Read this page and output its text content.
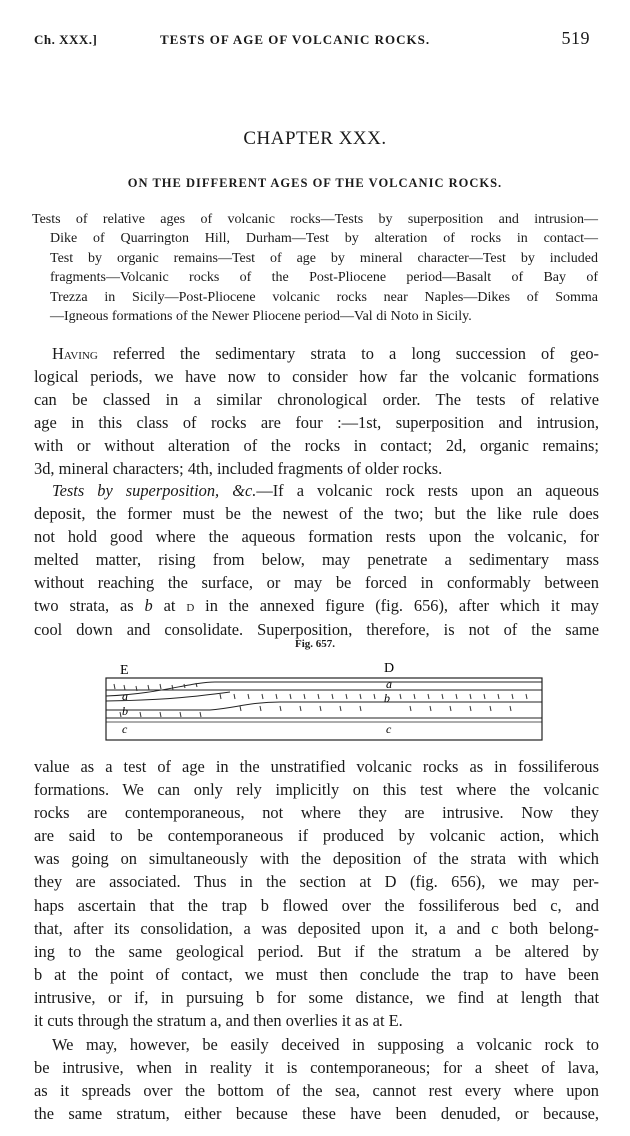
Ch. XXX.]	TESTS OF AGE OF VOLCANIC ROCKS.	519
CHAPTER XXX.
ON THE DIFFERENT AGES OF THE VOLCANIC ROCKS.
Tests of relative ages of volcanic rocks—Tests by superposition and intrusion—
Dike of Quarrington Hill, Durham—Test by alteration of rocks in contact—
Test by organic remains—Test of age by mineral character—Test by included
fragments—Volcanic rocks of the Post-Pliocene period—Basalt of Bay of
Trezza in Sicily—Post-Pliocene volcanic rocks near Naples—Dikes of Somma
—Igneous formations of the Newer Pliocene period—Val di Noto in Sicily.
Having referred the sedimentary strata to a long succession of geo-
logical periods, we have now to consider how far the volcanic formations
can be classed in a similar chronological order. The tests of relative
age in this class of rocks are four :—1st, superposition and intrusion,
with or without alteration of the rocks in contact; 2d, organic remains;
3d, mineral characters; 4th, included fragments of older rocks.
Tests by superposition, &c.—If a volcanic rock rests upon an aqueous
deposit, the former must be the newest of the two; but the like rule does
not hold good where the aqueous formation rests upon the volcanic, for
melted matter, rising from below, may penetrate a sedimentary mass
without reaching the surface, or may be forced in conformably between
two strata, as b at d in the annexed figure (fig. 656), after which it may
cool down and consolidate. Superposition, therefore, is not of the same
Fig. 657.
E	D
a
a
b
b
c	c
value as a test of age in the unstratified volcanic rocks as in fossiliferous
formations. We can only rely implicitly on this test where the volcanic
rocks are contemporaneous, not where they are intrusive. Now they
are said to be contemporaneous if produced by volcanic action, which
was going on simultaneously with the deposition of the strata with which
they are associated. Thus in the section at D (fig. 656), we may per-
haps ascertain that the trap b flowed over the fossiliferous bed c, and
that, after its consolidation, a was deposited upon it, a and c both belong-
ing to the same geological period. But if the stratum a be altered by
b at the point of contact, we must then conclude the trap to have been
intrusive, or if, in pursuing b for some distance, we find at length that
it cuts through the stratum a, and then overlies it as at E.
We may, however, be easily deceived in supposing a volcanic rock to
be intrusive, when in reality it is contemporaneous; for a sheet of lava,
as it spreads over the bottom of the sea, cannot rest every where upon
the same stratum, either because these have been denuded, or because,
